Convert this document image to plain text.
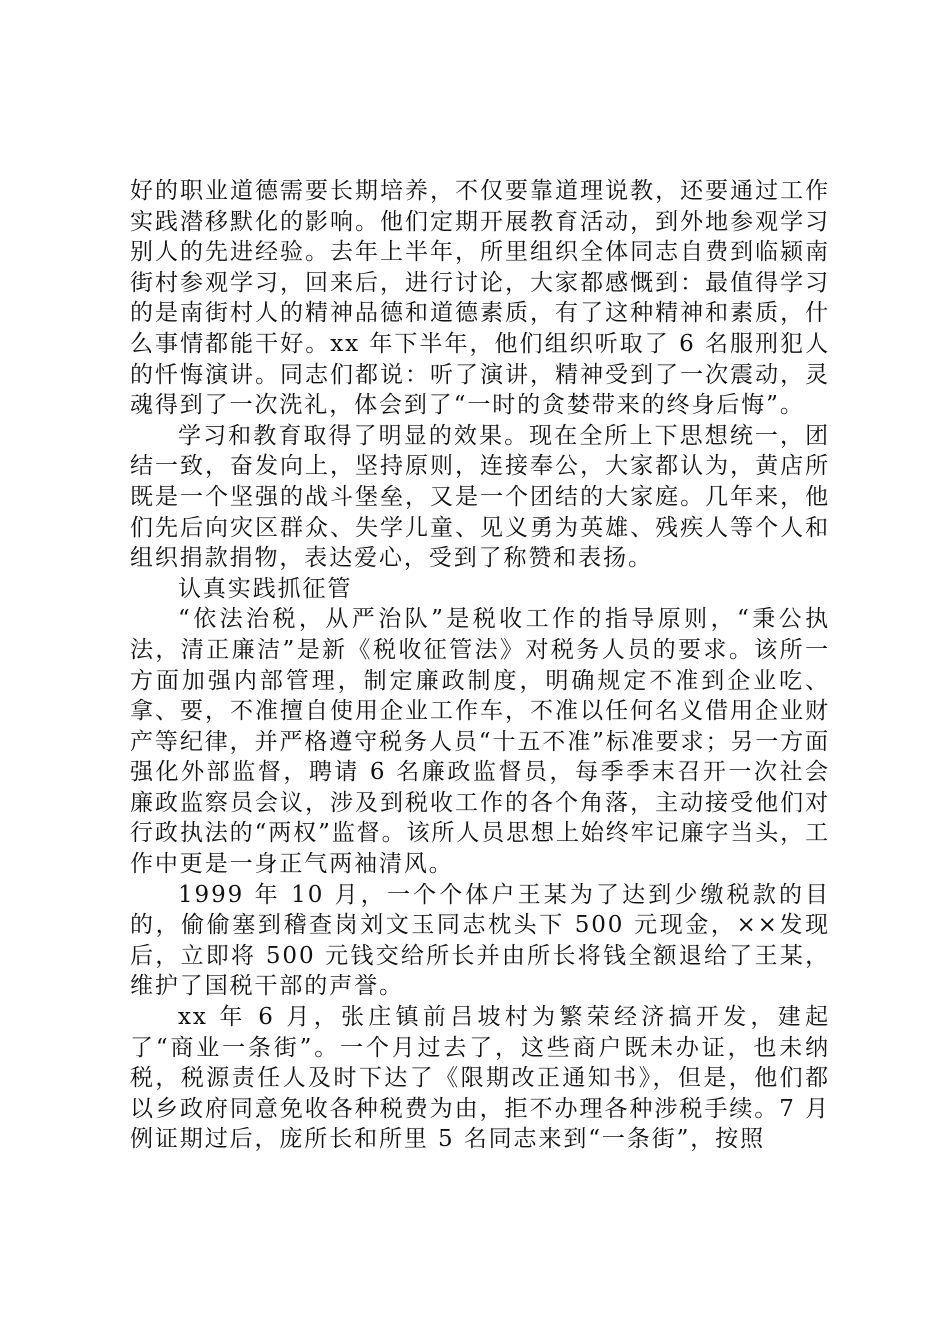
好的职业道德需要长期培养，不仅要靠道理说教，还要通过工作实践潜移默化的影响。他们定期开展教育活动，到外地参观学习别人的先进经验。去年上半年，所里组织全体同志自费到临颍南街村参观学习，回来后，进行讨论，大家都感慨到：最值得学习的是南街村人的精神品德和道德素质，有了这种精神和素质，什么事情都能干好。xx 年下半年，他们组织听取了 6 名服刑犯人的忏悔演讲。同志们都说：听了演讲，精神受到了一次震动，灵魂得到了一次洗礼，体会到了“一时的贪婪带来的终身后悔”。

学习和教育取得了明显的效果。现在全所上下思想统一，团结一致，奋发向上，坚持原则，连接奉公，大家都认为，黄店所既是一个坚强的战斗堡垒，又是一个团结的大家庭。几年来，他们先后向灾区群众、失学儿童、见义勇为英雄、残疾人等个人和组织捐款捐物，表达爱心，受到了称赞和表扬。

认真实践抓征管

“依法治税，从严治队”是税收工作的指导原则，“秉公执法，清正廉洁”是新《税收征管法》对税务人员的要求。该所一方面加强内部管理，制定廉政制度，明确规定不准到企业吃、拿、要，不准擅自使用企业工作车，不准以任何名义借用企业财产等纪律，并严格遵守税务人员“十五不准”标准要求；另一方面强化外部监督，聘请 6 名廉政监督员，每季季末召开一次社会廉政监察员会议，涉及到税收工作的各个角落，主动接受他们对行政执法的“两权”监督。该所人员思想上始终牢记廉字当头，工作中更是一身正气两袖清风。

1999 年 10 月，一个个体户王某为了达到少缴税款的目的，偷偷塞到稽查岗刘文玉同志枕头下 500 元现金，××发现后，立即将 500 元钱交给所长并由所长将钱全额退给了王某，维护了国税干部的声誉。

xx 年 6 月，张庄镇前吕坡村为繁荣经济搞开发，建起了“商业一条街”。一个月过去了，这些商户既未办证，也未纳税，税源责任人及时下达了《限期改正通知书》，但是，他们都以乡政府同意免收各种税费为由，拒不办理各种涉税手续。7 月例证期过后，庞所长和所里 5 名同志来到“一条街”，按照
